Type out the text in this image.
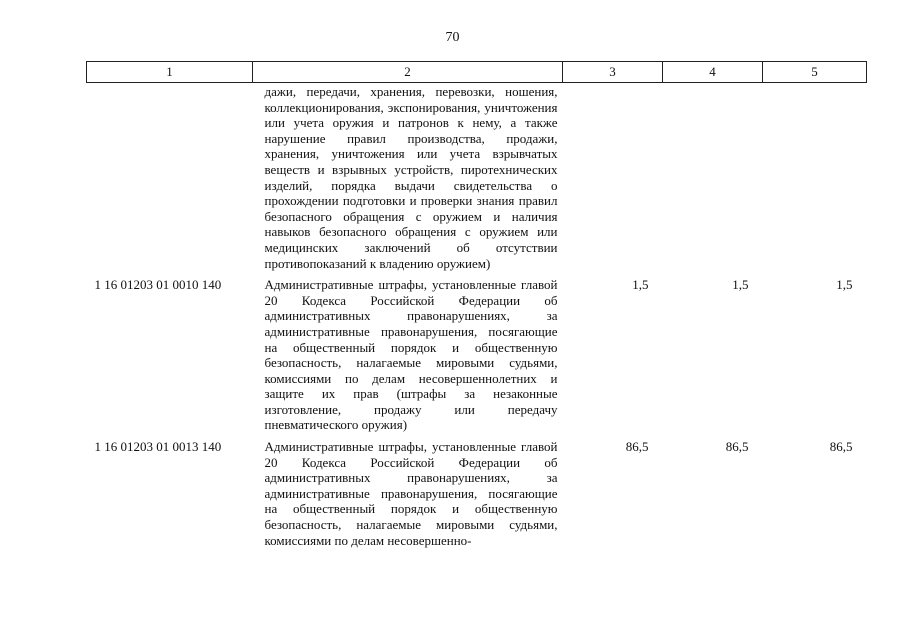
70
1	2	3	4	5
	дажи, передачи, хранения, перевозки, ношения, коллекционирования, экспонирования, уничтожения или учета оружия и патронов к нему, а также нарушение правил производства, продажи, хранения, уничтожения или учета взрывчатых веществ и взрывных устройств, пиротехнических изделий, порядка выдачи свидетельства о прохождении подготовки и проверки знания правил безопасного обращения с оружием и наличия навыков безопасного обращения с оружием или медицинских заключений об отсутствии противопоказаний к владению оружием)			
1 16 01203 01 0010 140	Административные штрафы, установленные главой 20 Кодекса Российской Федерации об административных правонарушениях, за административные правонарушения, посягающие на общественный порядок и общественную безопасность, налагаемые мировыми судьями, комиссиями по делам несовершеннолетних и защите их прав (штрафы за незаконные изготовление, продажу или передачу пневматического оружия)	1,5	1,5	1,5
1 16 01203 01 0013 140	Административные штрафы, установленные главой 20 Кодекса Российской Федерации об административных правонарушениях, за административные правонарушения, посягающие на общественный порядок и общественную безопасность, налагаемые мировыми судьями, комиссиями по делам несовершенно-	86,5	86,5	86,5
